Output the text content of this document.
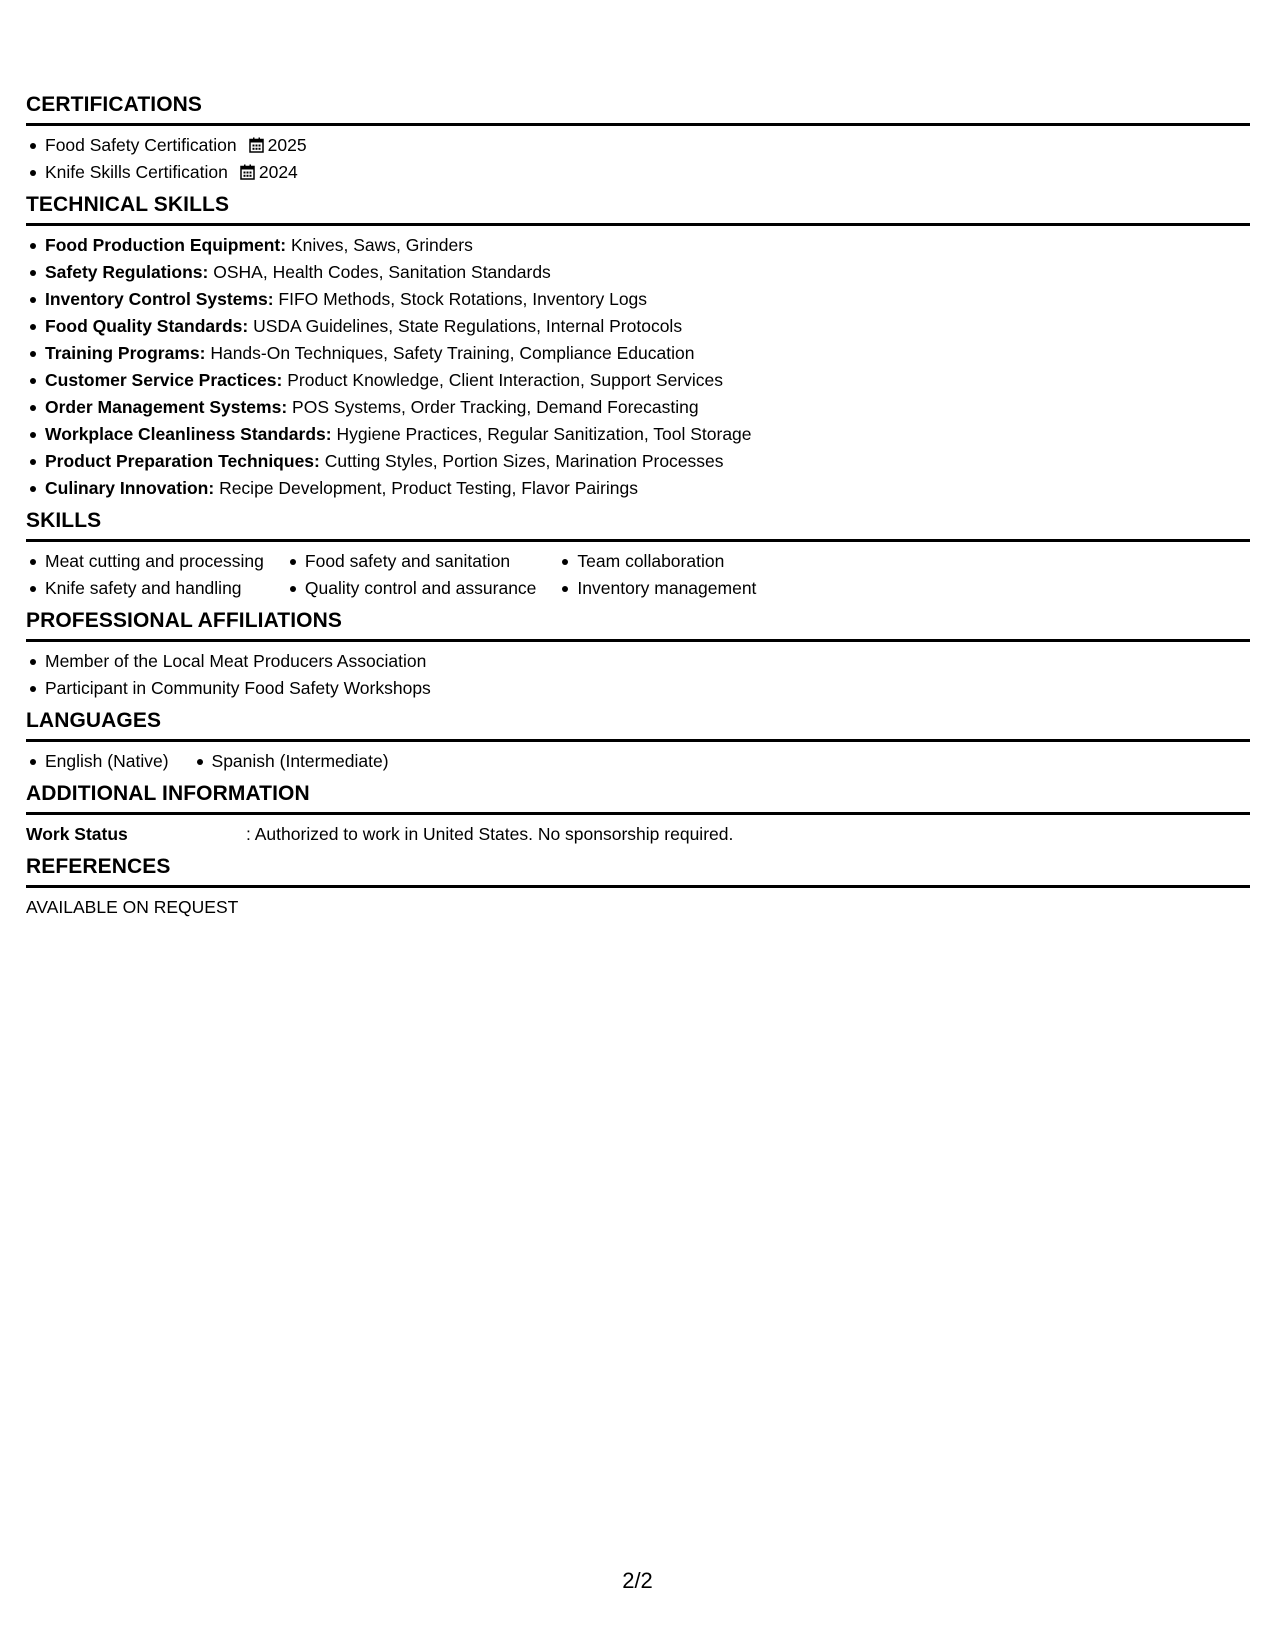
CERTIFICATIONS
Food Safety Certification 2025
Knife Skills Certification 2024
TECHNICAL SKILLS
Food Production Equipment: Knives, Saws, Grinders
Safety Regulations: OSHA, Health Codes, Sanitation Standards
Inventory Control Systems: FIFO Methods, Stock Rotations, Inventory Logs
Food Quality Standards: USDA Guidelines, State Regulations, Internal Protocols
Training Programs: Hands-On Techniques, Safety Training, Compliance Education
Customer Service Practices: Product Knowledge, Client Interaction, Support Services
Order Management Systems: POS Systems, Order Tracking, Demand Forecasting
Workplace Cleanliness Standards: Hygiene Practices, Regular Sanitization, Tool Storage
Product Preparation Techniques: Cutting Styles, Portion Sizes, Marination Processes
Culinary Innovation: Recipe Development, Product Testing, Flavor Pairings
SKILLS
Meat cutting and processing
Knife safety and handling
Food safety and sanitation
Quality control and assurance
Team collaboration
Inventory management
PROFESSIONAL AFFILIATIONS
Member of the Local Meat Producers Association
Participant in Community Food Safety Workshops
LANGUAGES
English (Native)	Spanish (Intermediate)
ADDITIONAL INFORMATION
Work Status	: Authorized to work in United States. No sponsorship required.
REFERENCES
AVAILABLE ON REQUEST
2/2
